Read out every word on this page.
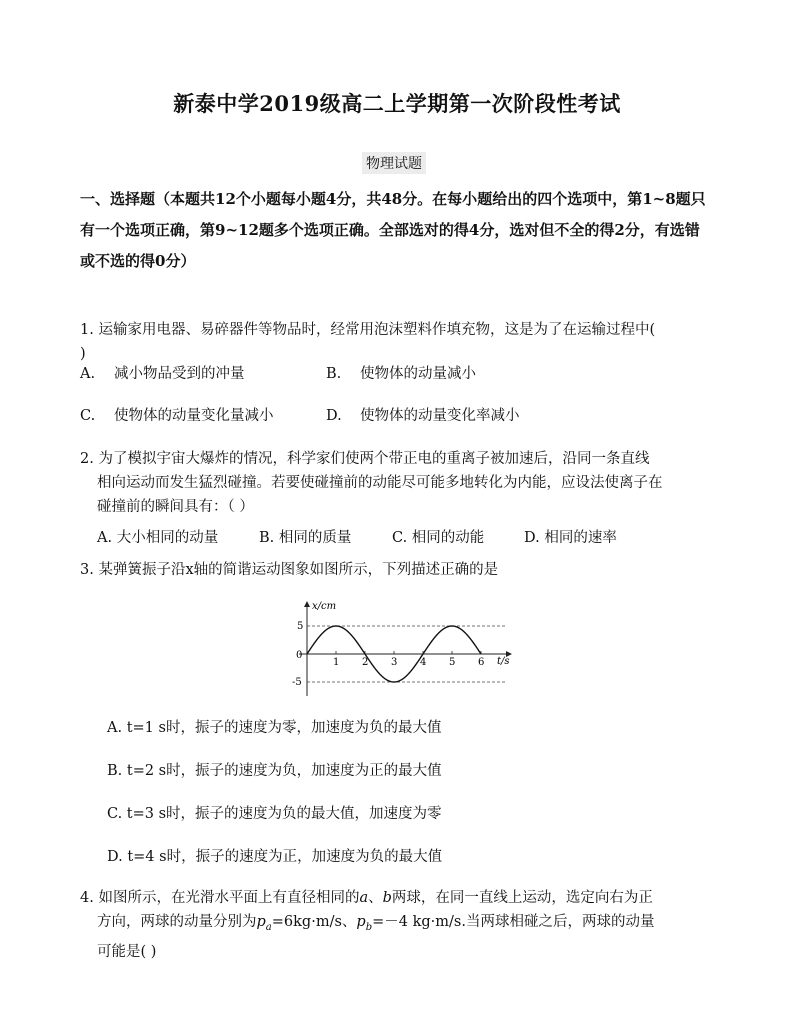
新泰中学2019级高二上学期第一次阶段性考试
物理试题
一、选择题（本题共12个小题每小题4分，共48分。在每小题给出的四个选项中，第1~8题只
有一个选项正确，第9~12题多个选项正确。全部选对的得4分，选对但不全的得2分，有选错
或不选的得0分）
1. 运输家用电器、易碎器件等物品时，经常用泡沫塑料作填充物，这是为了在运输过程中(
)
A. 减小物品受到的冲量	B. 使物体的动量减小
C. 使物体的动量变化量减小	D. 使物体的动量变化率减小
2. 为了模拟宇宙大爆炸的情况，科学家们使两个带正电的重离子被加速后，沿同一条直线
相向运动而发生猛烈碰撞。若要使碰撞前的动能尽可能多地转化为内能，应设法使离子在
碰撞前的瞬间具有：（ ）
A. 大小相同的动量	B. 相同的质量	C. 相同的动能	D. 相同的速率
3. 某弹簧振子沿x轴的简谐运动图象如图所示，下列描述正确的是
x/cm
t/s
0
5
-5
1 2 3 4 5 6
A. t=1 s时，振子的速度为零，加速度为负的最大值
B. t=2 s时，振子的速度为负，加速度为正的最大值
C. t=3 s时，振子的速度为负的最大值，加速度为零
D. t=4 s时，振子的速度为正，加速度为负的最大值
4. 如图所示，在光滑水平面上有直径相同的a、b两球，在同一直线上运动，选定向右为正
方向，两球的动量分别为$p_a=6kg\cdot m/s$、$p_b=-4$ kg·m/s.当两球相碰之后，两球的动量
可能是( )
